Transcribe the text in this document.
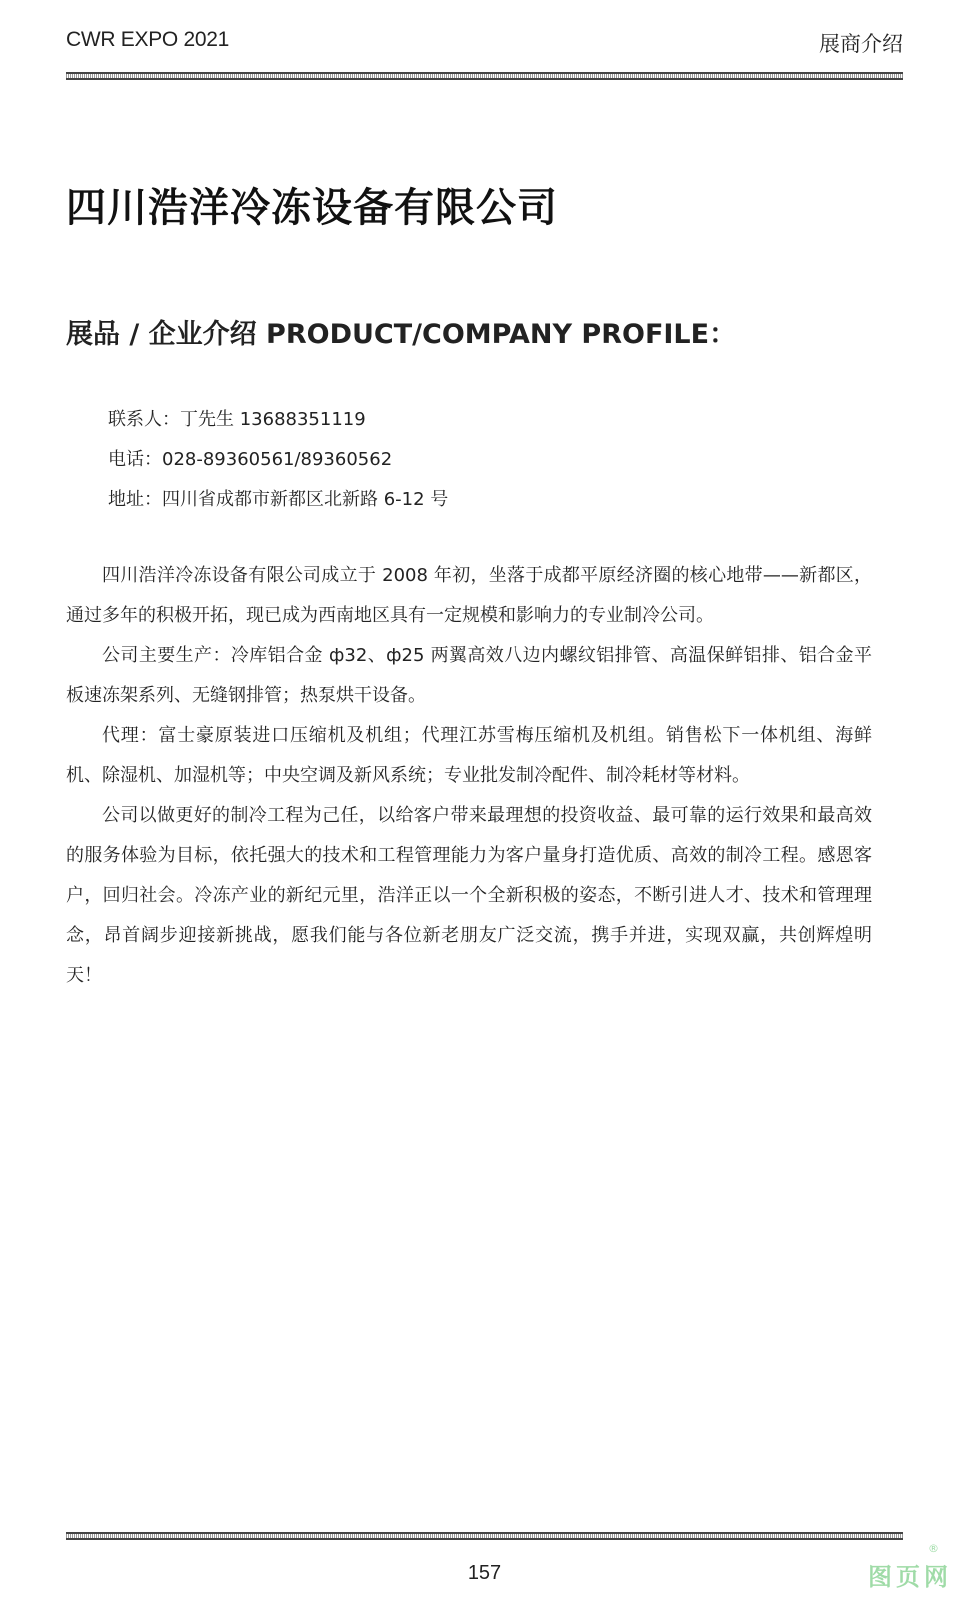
CWR EXPO 2021	展商介绍
四川浩洋冷冻设备有限公司
展品 / 企业介绍 PRODUCT/COMPANY PROFILE：
联系人：丁先生 13688351119
电话：028-89360561/89360562
地址：四川省成都市新都区北新路 6-12 号

四川浩洋冷冻设备有限公司成立于 2008 年初，坐落于成都平原经济圈的核心地带——新都区，通过多年的积极开拓，现已成为西南地区具有一定规模和影响力的专业制冷公司。

公司主要生产：冷库铝合金 ф32、ф25 两翼高效八边内螺纹铝排管、高温保鲜铝排、铝合金平板速冻架系列、无缝钢排管；热泵烘干设备。

代理：富士豪原装进口压缩机及机组；代理江苏雪梅压缩机及机组。销售松下一体机组、海鲜机、除湿机、加湿机等；中央空调及新风系统；专业批发制冷配件、制冷耗材等材料。

公司以做更好的制冷工程为己任，以给客户带来最理想的投资收益、最可靠的运行效果和最高效的服务体验为目标，依托强大的技术和工程管理能力为客户量身打造优质、高效的制冷工程。感恩客户，回归社会。冷冻产业的新纪元里，浩洋正以一个全新积极的姿态，不断引进人才、技术和管理理念，昂首阔步迎接新挑战，愿我们能与各位新老朋友广泛交流，携手并进，实现双赢，共创辉煌明天！

157	图页网
®
